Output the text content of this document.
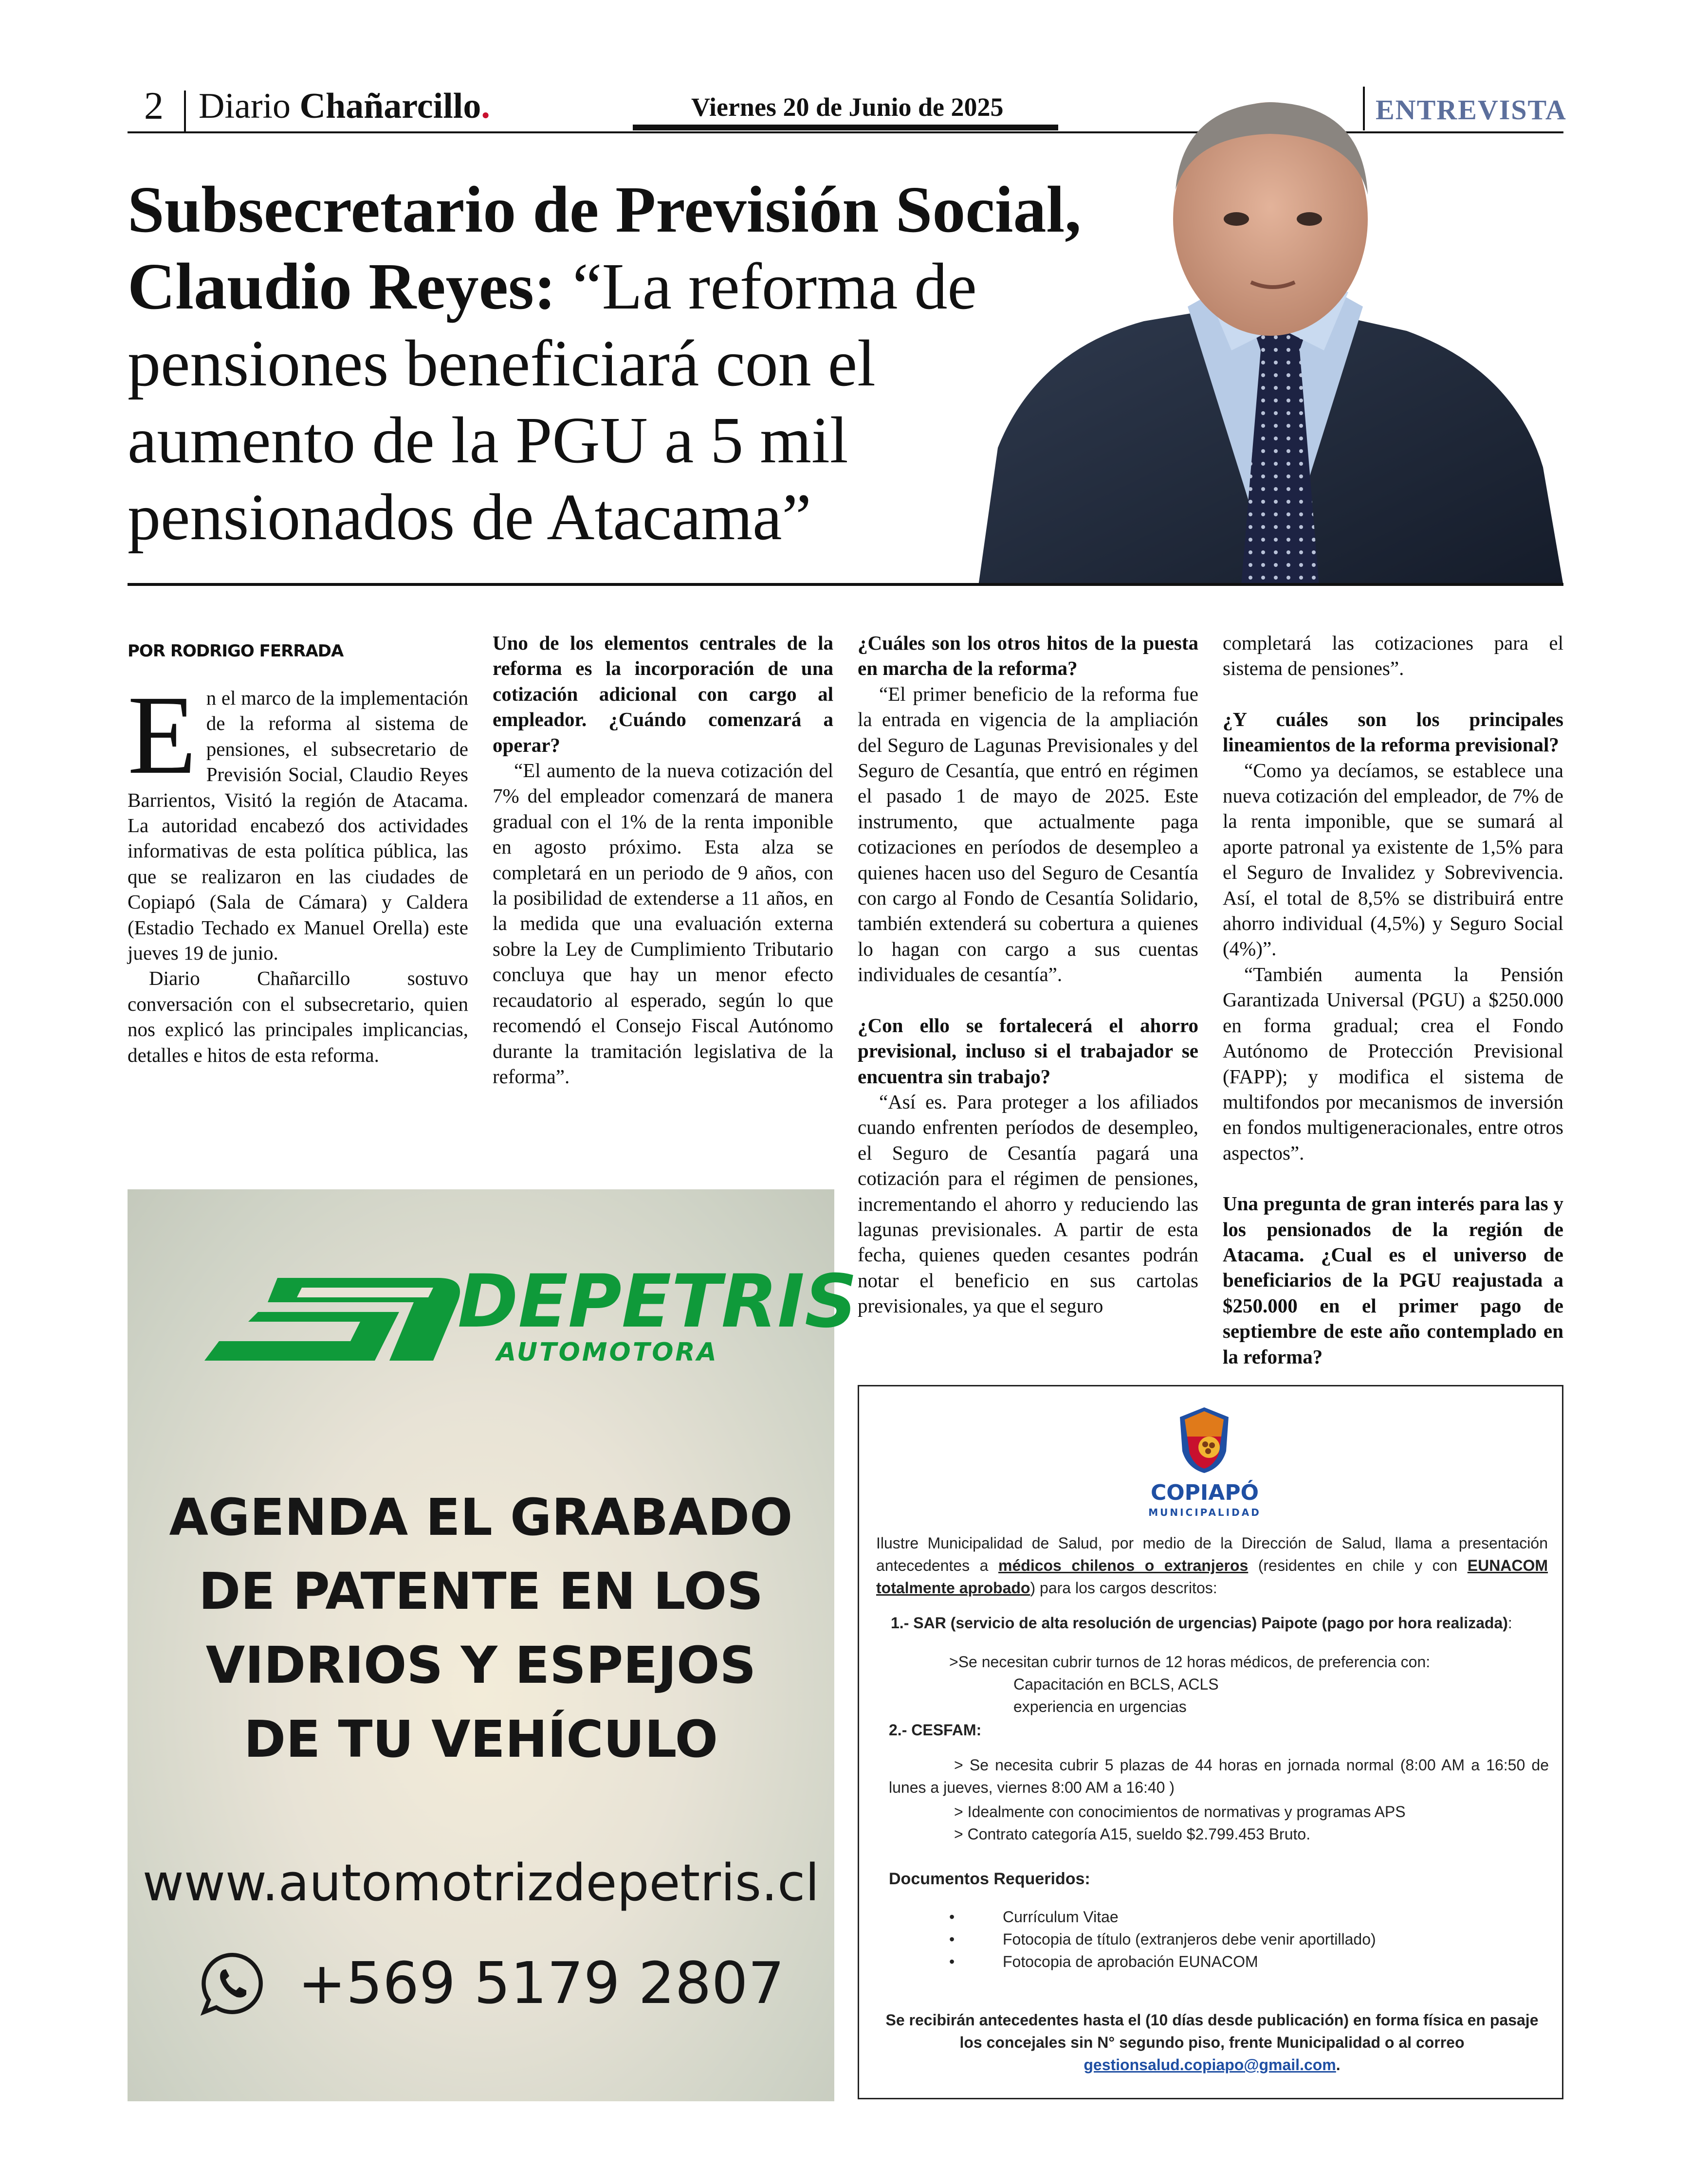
2 Diario Chañarcillo.	Viernes 20 de Junio de 2025	ENTREVISTA
Subsecretario de Previsión Social, Claudio Reyes: “La reforma de pensiones beneficiará con el aumento de la PGU a 5 mil pensionados de Atacama”
POR RODRIGO FERRADA

En el marco de la implementación de la reforma al sistema de pensiones, el subsecretario de Previsión Social, Claudio Reyes Barrientos, Visitó la región de Atacama. La autoridad encabezó dos actividades informativas de esta política pública, las que se realizaron en las ciudades de Copiapó (Sala de Cámara) y Caldera (Estadio Techado ex Manuel Orella) este jueves 19 de junio.

Diario Chañarcillo sostuvo conversación con el subsecretario, quien nos explicó las principales implicancias, detalles e hitos de esta reforma.

Uno de los elementos centrales de la reforma es la incorporación de una cotización adicional con cargo al empleador. ¿Cuándo comenzará a operar?

“El aumento de la nueva cotización del 7% del empleador comenzará de manera gradual con el 1% de la renta imponible en agosto próximo. Esta alza se completará en un periodo de 9 años, con la posibilidad de extenderse a 11 años, en la medida que una evaluación externa sobre la Ley de Cumplimiento Tributario concluya que hay un menor efecto recaudatorio al esperado, según lo que recomendó el Consejo Fiscal Autónomo durante la tramitación legislativa de la reforma”.

¿Cuáles son los otros hitos de la puesta en marcha de la reforma?

“El primer beneficio de la reforma fue la entrada en vigencia de la ampliación del Seguro de Lagunas Previsionales y del Seguro de Cesantía, que entró en régimen el pasado 1 de mayo de 2025. Este instrumento, que actualmente paga cotizaciones en períodos de desempleo a quienes hacen uso del Seguro de Cesantía con cargo al Fondo de Cesantía Solidario, también extenderá su cobertura a quienes lo hagan con cargo a sus cuentas individuales de cesantía”.

¿Con ello se fortalecerá el ahorro previsional, incluso si el trabajador se encuentra sin trabajo?

“Así es. Para proteger a los afiliados cuando enfrenten períodos de desempleo, el Seguro de Cesantía pagará una cotización para el régimen de pensiones, incrementando el ahorro y reduciendo las lagunas previsionales. A partir de esta fecha, quienes queden cesantes podrán notar el beneficio en sus cartolas previsionales, ya que el seguro

completará las cotizaciones para el sistema de pensiones”.

¿Y cuáles son los principales lineamientos de la reforma previsional?

“Como ya decíamos, se establece una nueva cotización del empleador, de 7% de la renta imponible, que se sumará al aporte patronal ya existente de 1,5% para el Seguro de Invalidez y Sobrevivencia. Así, el total de 8,5% se distribuirá entre ahorro individual (4,5%) y Seguro Social (4%)”.

“También aumenta la Pensión Garantizada Universal (PGU) a $250.000 en forma gradual; crea el Fondo Autónomo de Protección Previsional (FAPP); y modifica el sistema de multifondos por mecanismos de inversión en fondos multigeneracionales, entre otros aspectos”.

Una pregunta de gran interés para las y los pensionados de la región de Atacama. ¿Cual es el universo de beneficiarios de la PGU reajustada a $250.000 en el primer pago de septiembre de este año contemplado en la reforma?

DEPETRIS
AUTOMOTORA
AGENDA EL GRABADO
DE PATENTE EN LOS
VIDRIOS Y ESPEJOS
DE TU VEHÍCULO
www.automotrizdepetris.cl
+569 5179 2807
COPIAPÓ
MUNICIPALIDAD
Ilustre Municipalidad de Salud, por medio de la Dirección de Salud, llama a presentación antecedentes a médicos chilenos o extranjeros (residentes en chile y con EUNACOM totalmente aprobado) para los cargos descritos:
1.- SAR (servicio de alta resolución de urgencias) Paipote (pago por hora realizada):
>Se necesitan cubrir turnos de 12 horas médicos, de preferencia con:
Capacitación en BCLS, ACLS
experiencia en urgencias
2.- CESFAM:
> Se necesita cubrir 5 plazas de 44 horas en jornada normal (8:00 AM a 16:50 de lunes a jueves, viernes 8:00 AM a 16:40 )
> Idealmente con conocimientos de normativas y programas APS
> Contrato categoría A15, sueldo $2.799.453 Bruto.
Documentos Requeridos:
•	Currículum Vitae
•	Fotocopia de título (extranjeros debe venir aportillado)
•	Fotocopia de aprobación EUNACOM
Se recibirán antecedentes hasta el (10 días desde publicación) en forma física en pasaje los concejales sin N° segundo piso, frente Municipalidad o al correo gestionsalud.copiapo@gmail.com.
